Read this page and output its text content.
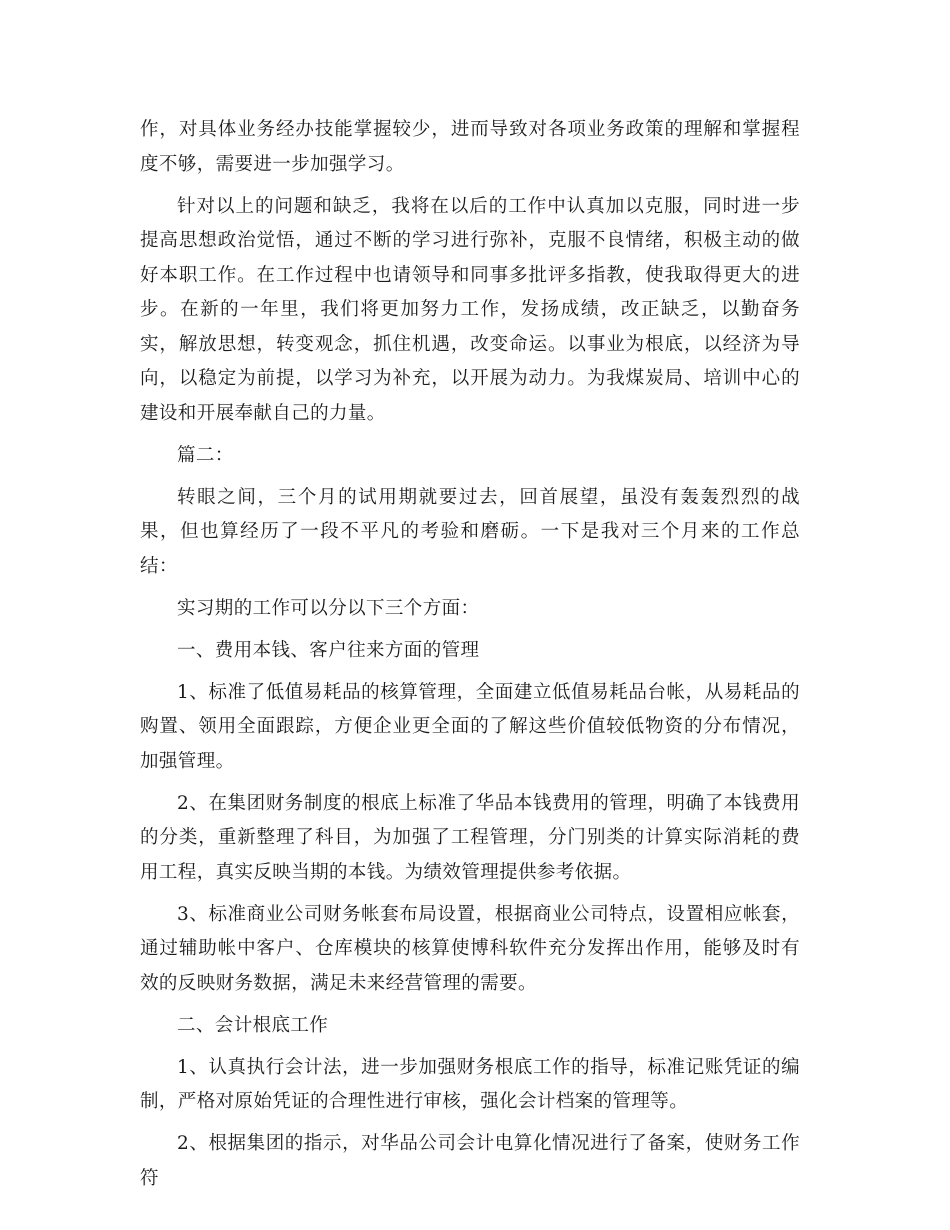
作，对具体业务经办技能掌握较少，进而导致对各项业务政策的理解和掌握程度不够，需要进一步加强学习。

针对以上的问题和缺乏，我将在以后的工作中认真加以克服，同时进一步提高思想政治觉悟，通过不断的学习进行弥补，克服不良情绪，积极主动的做好本职工作。在工作过程中也请领导和同事多批评多指教，使我取得更大的进步。在新的一年里，我们将更加努力工作，发扬成绩，改正缺乏，以勤奋务实，解放思想，转变观念，抓住机遇，改变命运。以事业为根底，以经济为导向，以稳定为前提，以学习为补充，以开展为动力。为我煤炭局、培训中心的建设和开展奉献自己的力量。

篇二：

转眼之间，三个月的试用期就要过去，回首展望，虽没有轰轰烈烈的战果，但也算经历了一段不平凡的考验和磨砺。一下是我对三个月来的工作总结：

实习期的工作可以分以下三个方面：

一、费用本钱、客户往来方面的管理

1、标准了低值易耗品的核算管理，全面建立低值易耗品台帐，从易耗品的购置、领用全面跟踪，方便企业更全面的了解这些价值较低物资的分布情况，加强管理。

2、在集团财务制度的根底上标准了华品本钱费用的管理，明确了本钱费用的分类，重新整理了科目，为加强了工程管理，分门别类的计算实际消耗的费用工程，真实反映当期的本钱。为绩效管理提供参考依据。

3、标准商业公司财务帐套布局设置，根据商业公司特点，设置相应帐套，通过辅助帐中客户、仓库模块的核算使博科软件充分发挥出作用，能够及时有效的反映财务数据，满足未来经营管理的需要。

二、会计根底工作

1、认真执行会计法，进一步加强财务根底工作的指导，标准记账凭证的编制，严格对原始凭证的合理性进行审核，强化会计档案的管理等。

2、根据集团的指示，对华品公司会计电算化情况进行了备案，使财务工作符
